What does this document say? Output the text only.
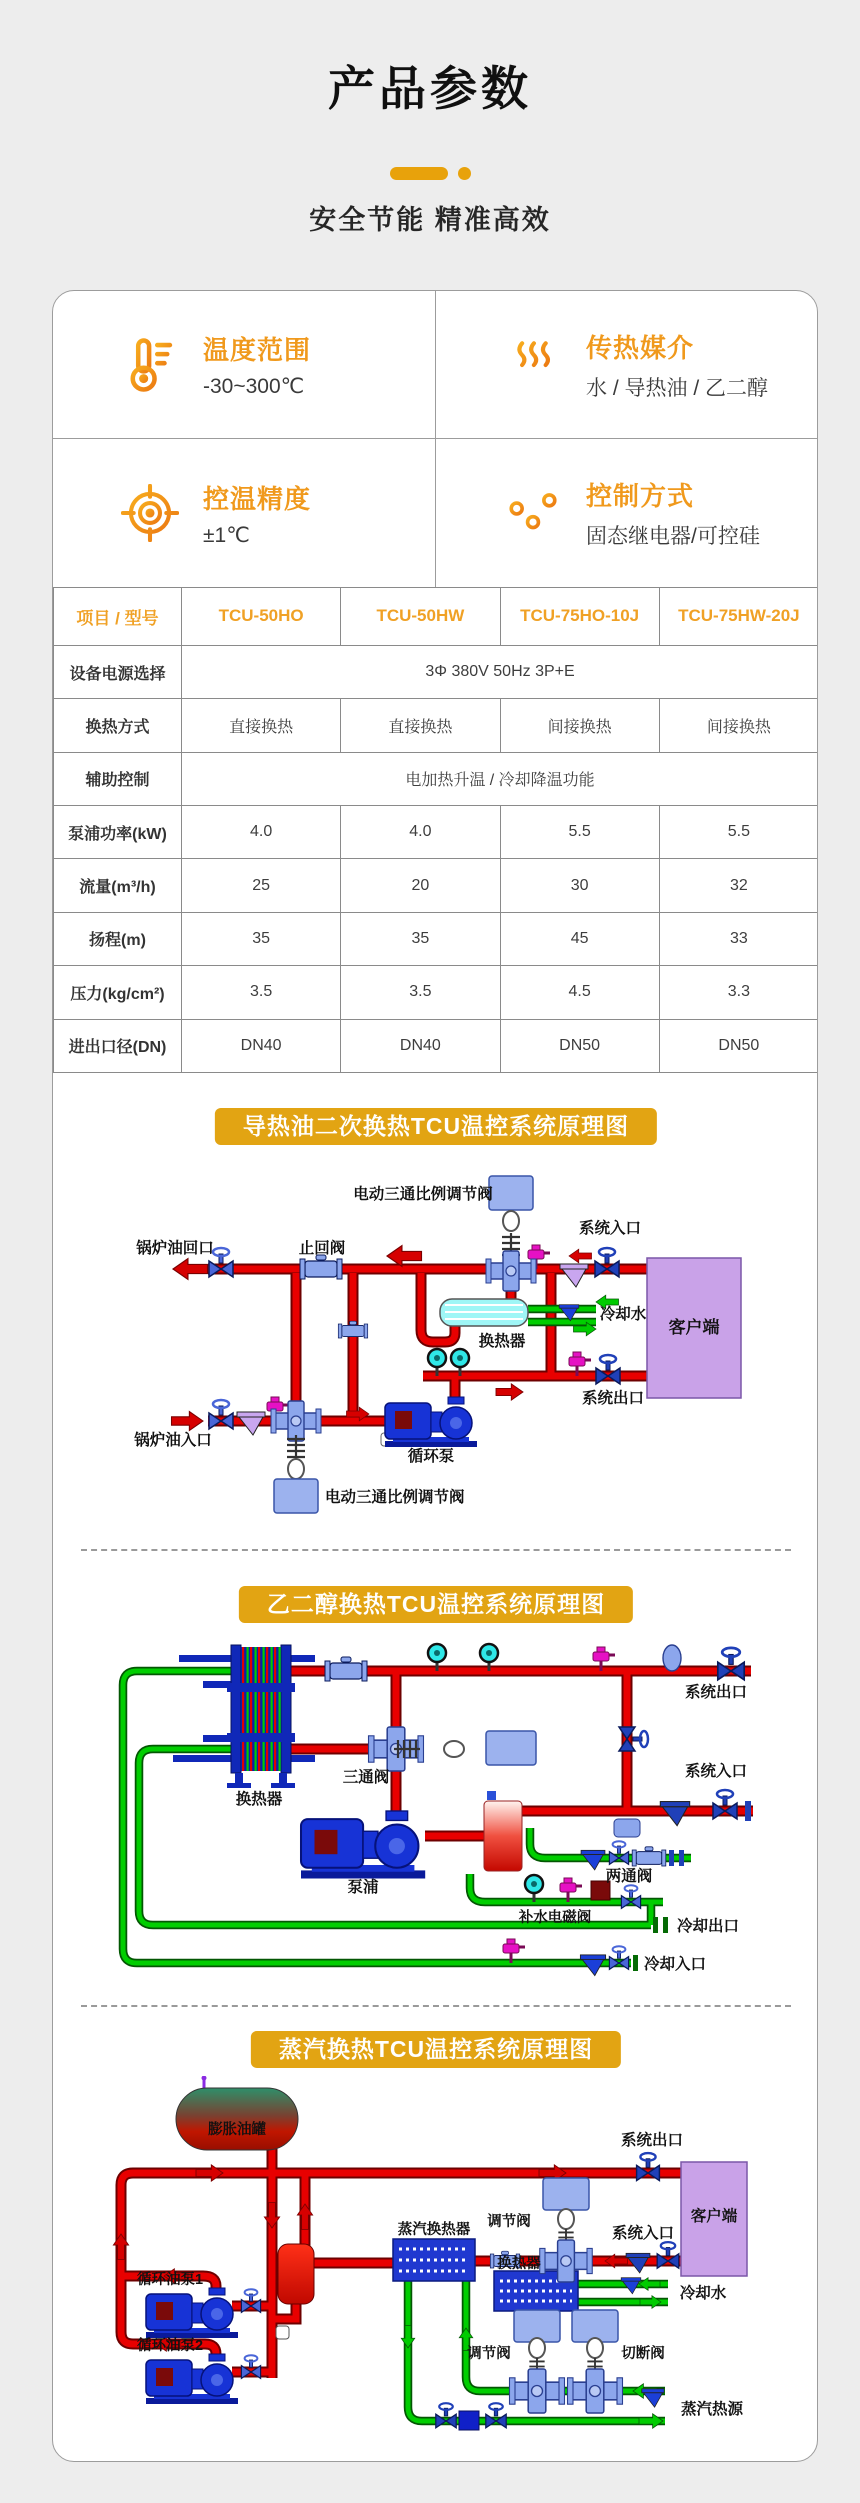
产品参数
安全节能 精准高效
温度范围
-30~300℃
传热媒介
水 / 导热油 / 乙二醇
控温精度
±1℃
控制方式
固态继电器/可控硅
项目 / 型号	TCU-50HO	TCU-50HW	TCU-75HO-10J	TCU-75HW-20J
设备电源选择	3Φ 380V 50Hz 3P+E			
换热方式	直接换热	直接换热	间接换热	间接换热
辅助控制	电加热升温 / 冷却降温功能			
泵浦功率(kW)	4.0	4.0	5.5	5.5
流量(m³/h)	25	20	30	32
扬程(m)	35	35	45	33
压力(kg/cm²)	3.5	3.5	4.5	3.3
进出口径(DN)	DN40	DN40	DN50	DN50
导热油二次换热TCU温控系统原理图
锅炉油回口	止回阀
电动三通比例调节阀
系统入口
冷却水
换热器
客户端
系统出口
循环泵
锅炉油入口
电动三通比例调节阀
乙二醇换热TCU温控系统原理图
换热器
三通阀
系统出口
系统入口
泵浦
两通阀
补水电磁阀	冷却出口
冷却入口
蒸汽换热TCU温控系统原理图
膨胀油罐
系统出口
客户端
调节阀
系统入口
蒸汽换热器
换热器
冷却水
循环油泵1
循环油泵2	调节阀	切断阀
蒸汽热源
